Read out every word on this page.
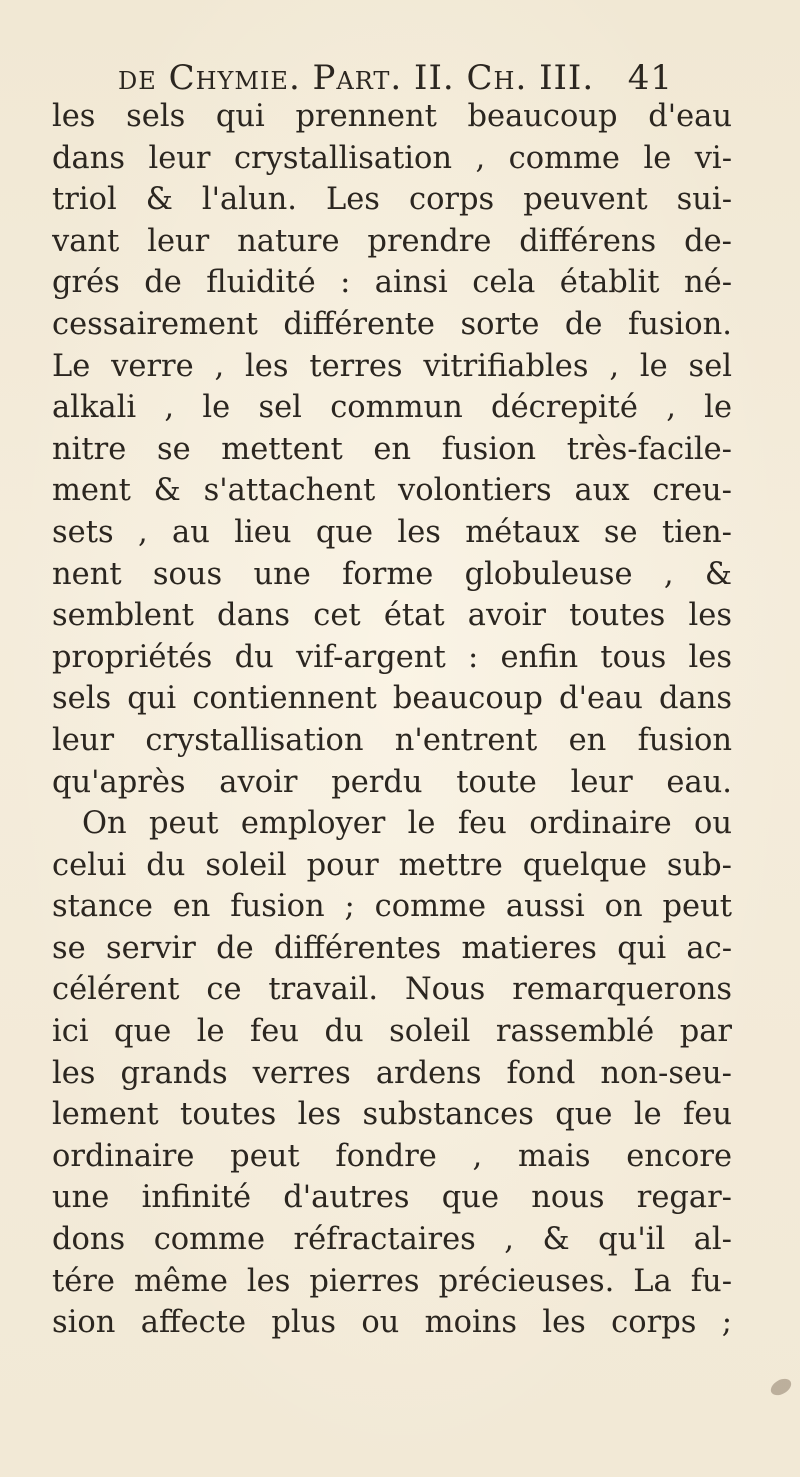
de Chymie. Part. II. Ch. III. 41
les sels qui prennent beaucoup d'eau
dans leur crystallisation , comme le vi-
triol & l'alun. Les corps peuvent sui-
vant leur nature prendre différens de-
grés de fluidité : ainsi cela établit né-
cessairement différente sorte de fusion.
Le verre , les terres vitrifiables , le sel
alkali , le sel commun décrepité , le
nitre se mettent en fusion très-facile-
ment & s'attachent volontiers aux creu-
sets , au lieu que les métaux se tien-
nent sous une forme globuleuse , &
semblent dans cet état avoir toutes les
propriétés du vif-argent : enfin tous les
sels qui contiennent beaucoup d'eau dans
leur crystallisation n'entrent en fusion
qu'après avoir perdu toute leur eau.
On peut employer le feu ordinaire ou
celui du soleil pour mettre quelque sub-
stance en fusion ; comme aussi on peut
se servir de différentes matieres qui ac-
célérent ce travail. Nous remarquerons
ici que le feu du soleil rassemblé par
les grands verres ardens fond non-seu-
lement toutes les substances que le feu
ordinaire peut fondre , mais encore
une infinité d'autres que nous regar-
dons comme réfractaires , & qu'il al-
tére même les pierres précieuses. La fu-
sion affecte plus ou moins les corps ;
